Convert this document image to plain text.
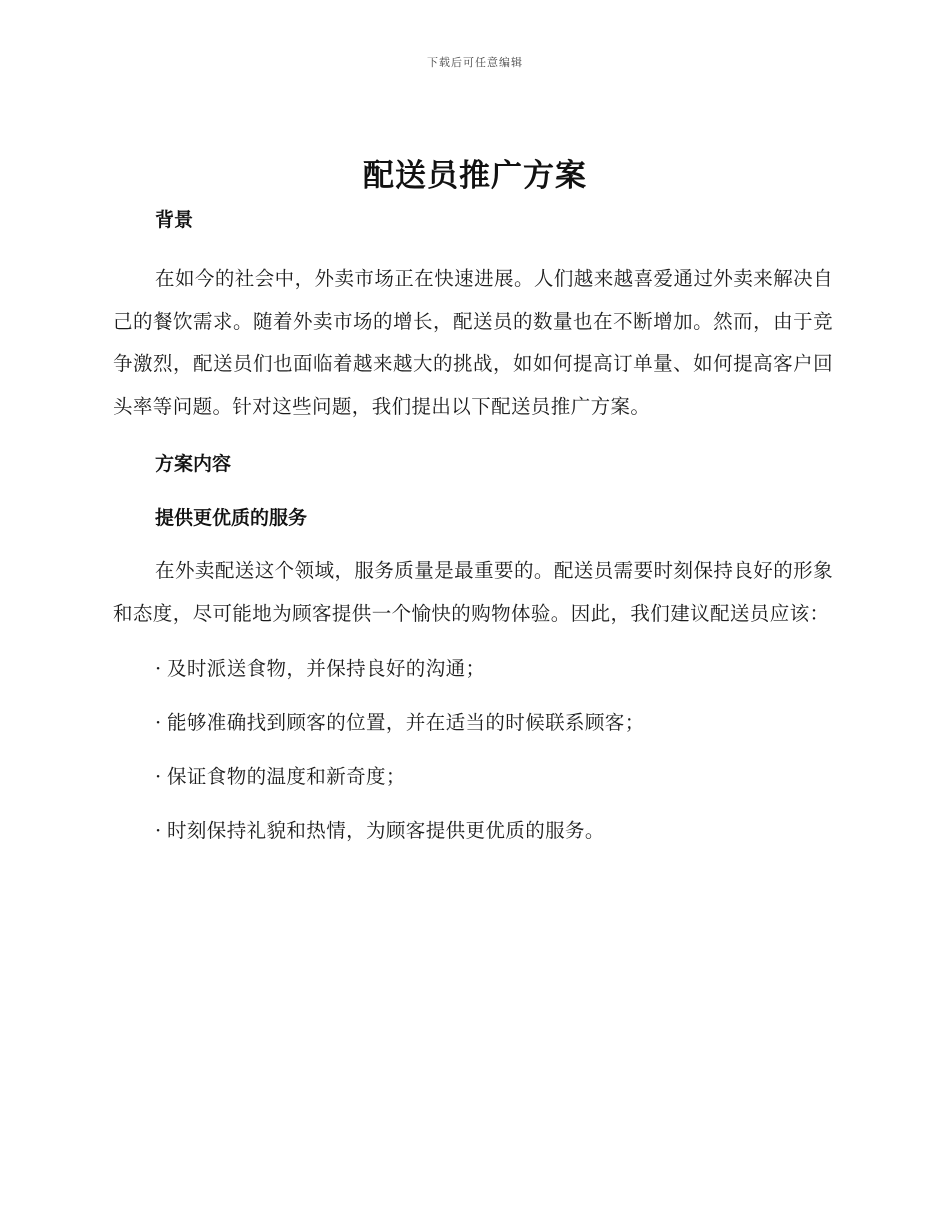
下载后可任意编辑
配送员推广方案

背景

在如今的社会中，外卖市场正在快速进展。人们越来越喜爱通过外卖来解决自己的餐饮需求。随着外卖市场的增长，配送员的数量也在不断增加。然而，由于竞争激烈，配送员们也面临着越来越大的挑战，如如何提高订单量、如何提高客户回头率等问题。针对这些问题，我们提出以下配送员推广方案。

方案内容

提供更优质的服务

在外卖配送这个领域，服务质量是最重要的。配送员需要时刻保持良好的形象和态度，尽可能地为顾客提供一个愉快的购物体验。因此，我们建议配送员应该：

· 及时派送食物，并保持良好的沟通；

· 能够准确找到顾客的位置，并在适当的时候联系顾客；

· 保证食物的温度和新奇度；

· 时刻保持礼貌和热情，为顾客提供更优质的服务。
